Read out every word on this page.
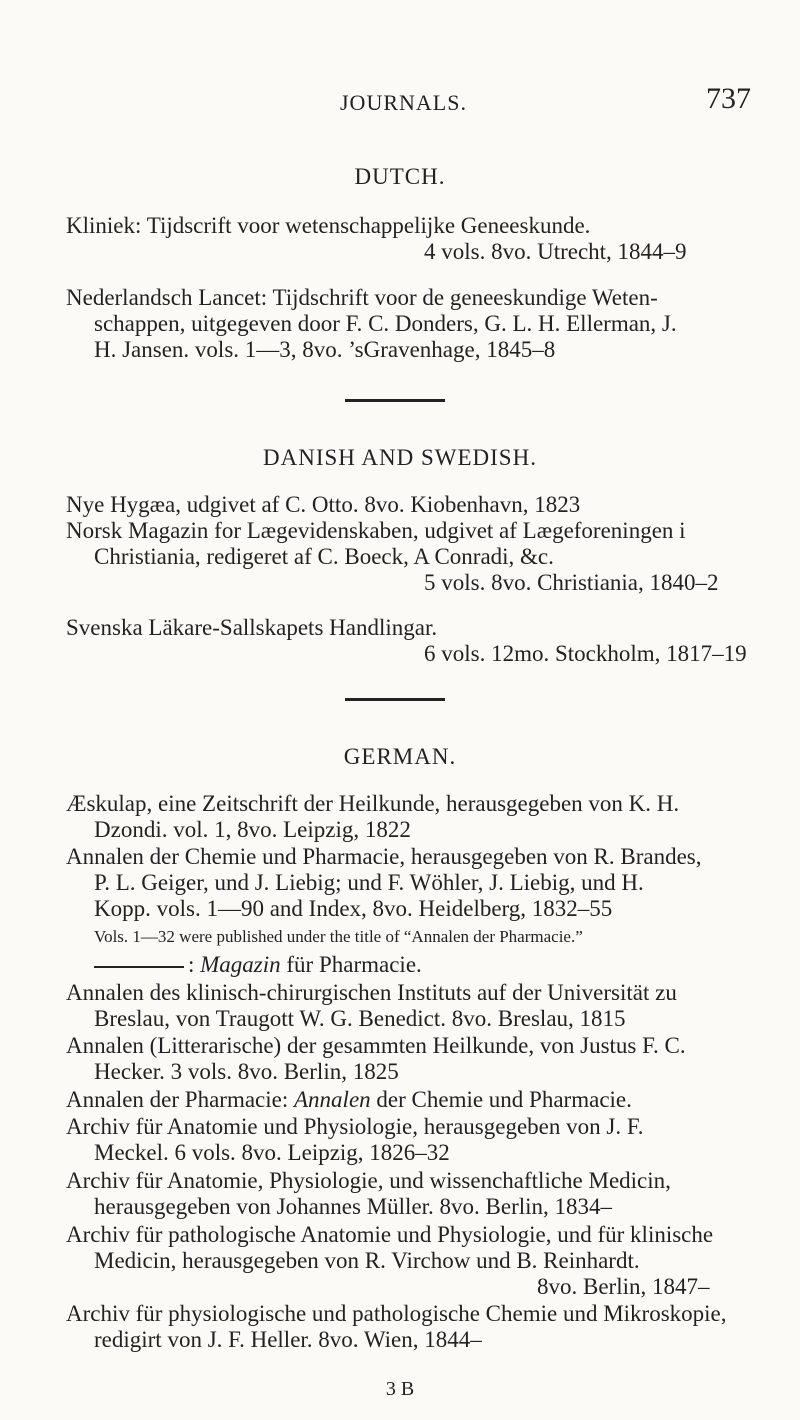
JOURNALS.	737
DUTCH.
Kliniek: Tijdscrift voor wetenschappelijke Geneeskunde.
4 vols. 8vo. Utrecht, 1844–9
Nederlandsch Lancet: Tijdschrift voor de geneeskundige Weten-
schappen, uitgegeven door F. C. Donders, G. L. H. Ellerman, J.
H. Jansen. vols. 1—3, 8vo. ’sGravenhage, 1845–8
DANISH AND SWEDISH.
Nye Hygæa, udgivet af C. Otto. 8vo. Kiobenhavn, 1823
Norsk Magazin for Lægevidenskaben, udgivet af Lægeforeningen i
Christiania, redigeret af C. Boeck, A Conradi, &c.
5 vols. 8vo. Christiania, 1840–2
Svenska Läkare-Sallskapets Handlingar.
6 vols. 12mo. Stockholm, 1817–19
GERMAN.
Æskulap, eine Zeitschrift der Heilkunde, herausgegeben von K. H.
Dzondi. vol. 1, 8vo. Leipzig, 1822
Annalen der Chemie und Pharmacie, herausgegeben von R. Brandes,
P. L. Geiger, und J. Liebig; und F. Wöhler, J. Liebig, und H.
Kopp. vols. 1—90 and Index, 8vo. Heidelberg, 1832–55
Vols. 1—32 were published under the title of “Annalen der Pharmacie.”
: Magazin für Pharmacie.
Annalen des klinisch-chirurgischen Instituts auf der Universität zu
Breslau, von Traugott W. G. Benedict. 8vo. Breslau, 1815
Annalen (Litterarische) der gesammten Heilkunde, von Justus F. C.
Hecker. 3 vols. 8vo. Berlin, 1825
Annalen der Pharmacie: Annalen der Chemie und Pharmacie.
Archiv für Anatomie und Physiologie, herausgegeben von J. F.
Meckel. 6 vols. 8vo. Leipzig, 1826–32
Archiv für Anatomie, Physiologie, und wissenchaftliche Medicin,
herausgegeben von Johannes Müller. 8vo. Berlin, 1834–
Archiv für pathologische Anatomie und Physiologie, und für klinische
Medicin, herausgegeben von R. Virchow und B. Reinhardt.
8vo. Berlin, 1847–
Archiv für physiologische und pathologische Chemie und Mikroskopie,
redigirt von J. F. Heller. 8vo. Wien, 1844–
3 B
